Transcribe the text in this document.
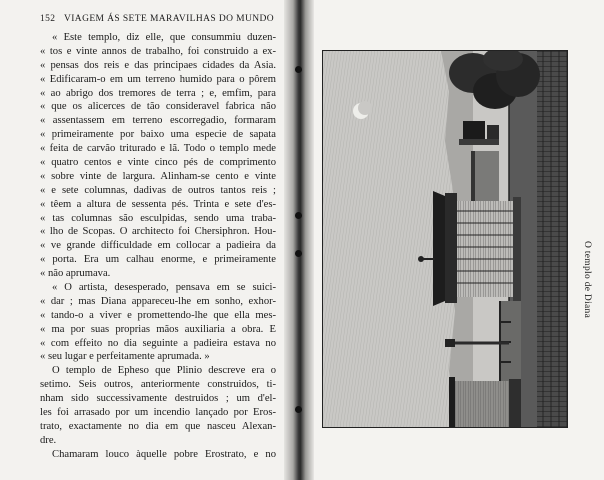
152 VIAGEM ÁS SETE MARAVILHAS DO MUNDO
« Este templo, diz elle, que consummiu duzen-
« tos e vinte annos de trabalho, foi construido a ex-
« pensas dos reis e das principaes cidades da Asia.
« Edificaram-o em um terreno humido para o pôrem
« ao abrigo dos tremores de terra ; e, emfim, para
« que os alicerces de tão consideravel fabrica não
« assentassem em terreno escorregadio, formaram
« primeiramente por baixo uma especie de sapata
« feita de carvão triturado e lã. Todo o templo mede
« quatro centos e vinte cinco pés de comprimento
« sobre vinte de largura. Alinham-se cento e vinte
« e sete columnas, dadivas de outros tantos reis ;
« têem a altura de sessenta pés. Trinta e sete d'es-
« tas columnas são esculpidas, sendo uma traba-
« lho de Scopas. O architecto foi Chersiphron. Hou-
« ve grande difficuldade em collocar a padieira da
« porta. Era um calhau enorme, e primeiramente
« não aprumava.
« O artista, desesperado, pensava em se suici-
« dar ; mas Diana appareceu-lhe em sonho, exhor-
« tando-o a viver e promettendo-lhe que ella mes-
« ma por suas proprias mãos auxiliaria a obra. E
« com effeito no dia seguinte a padieira estava no
« seu lugar e perfeitamente aprumada. »
O templo de Epheso que Plinio descreve era o
setimo. Seis outros, anteriormente construidos, ti-
nham sido successivamente destruidos ; um d'el-
les foi arrasado por um incendio lançado por Eros-
trato, exactamente no dia em que nasceu Alexan-
dre.
Chamaram louco àquelle pobre Erostrato, e no
O templo de Diana
